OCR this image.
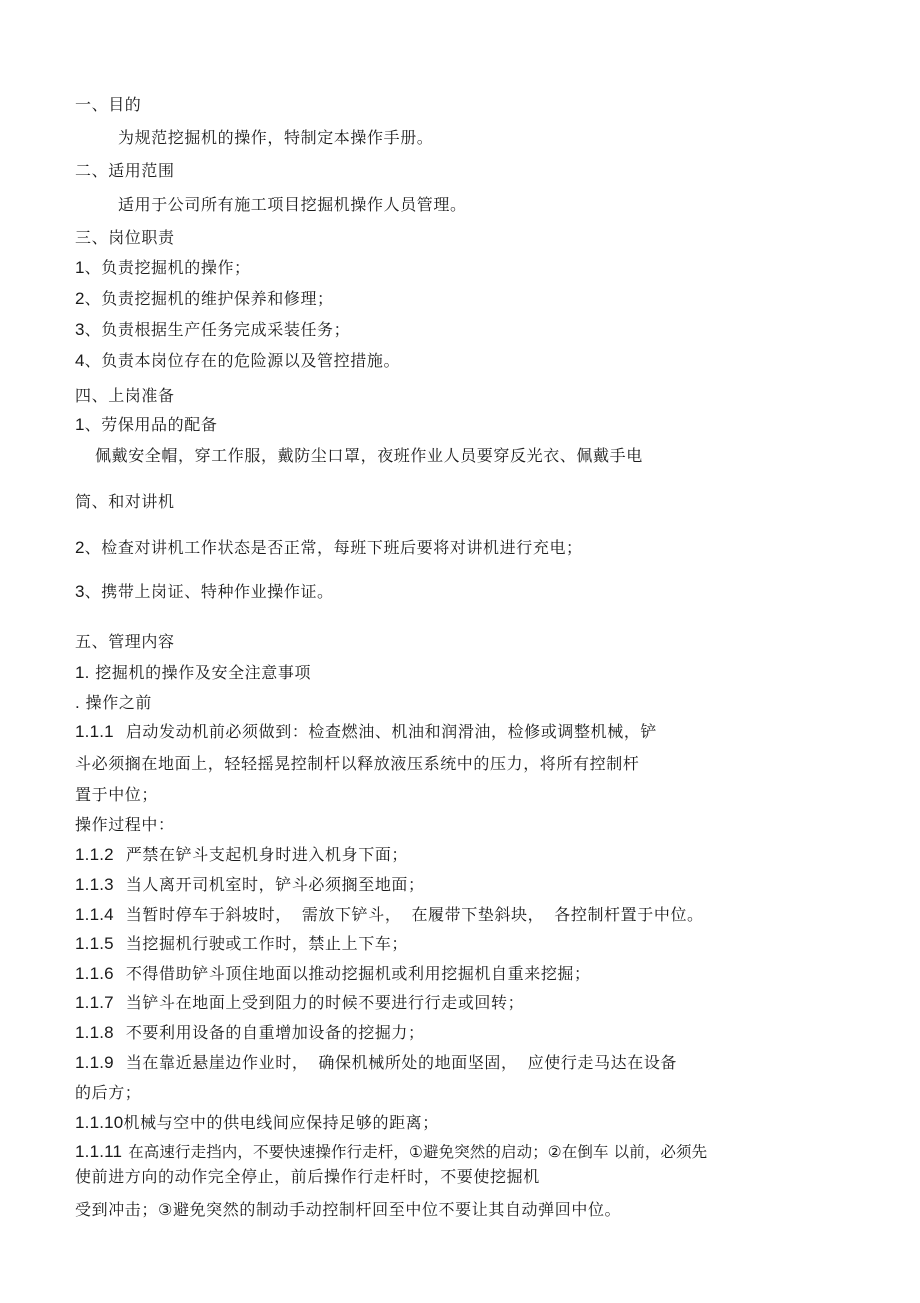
一、目的
为规范挖掘机的操作，特制定本操作手册。
二、适用范围
适用于公司所有施工项目挖掘机操作人员管理。
三、岗位职责
1、负责挖掘机的操作；
2、负责挖掘机的维护保养和修理；
3、负责根据生产任务完成采装任务；
4、负责本岗位存在的危险源以及管控措施。
四、上岗准备
1、劳保用品的配备
佩戴安全帽，穿工作服，戴防尘口罩，夜班作业人员要穿反光衣、佩戴手电
筒、和对讲机
2、检查对讲机工作状态是否正常，每班下班后要将对讲机进行充电；
3、携带上岗证、特种作业操作证。
五、管理内容
1. 挖掘机的操作及安全注意事项
. 操作之前
1.1.1 启动发动机前必须做到：检查燃油、机油和润滑油，检修或调整机械，铲
斗必须搁在地面上，轻轻摇晃控制杆以释放液压系统中的压力，将所有控制杆
置于中位；
操作过程中：
1.1.2 严禁在铲斗支起机身时进入机身下面；
1.1.3 当人离开司机室时，铲斗必须搁至地面；
1.1.4 当暂时停车于斜坡时， 需放下铲斗， 在履带下垫斜块， 各控制杆置于中位。
1.1.5 当挖掘机行驶或工作时，禁止上下车；
1.1.6 不得借助铲斗顶住地面以推动挖掘机或利用挖掘机自重来挖掘；
1.1.7 当铲斗在地面上受到阻力的时候不要进行行走或回转；
1.1.8 不要利用设备的自重增加设备的挖掘力；
1.1.9 当在靠近悬崖边作业时， 确保机械所处的地面坚固， 应使行走马达在设备
的后方；
1.1.10机械与空中的供电线间应保持足够的距离；
1.1.11 在高速行走挡内，不要快速操作行走杆，①避免突然的启动；②在倒车 以前，必须先
使前进方向的动作完全停止，前后操作行走杆时，不要使挖掘机
受到冲击；③避免突然的制动手动控制杆回至中位不要让其自动弹回中位。
